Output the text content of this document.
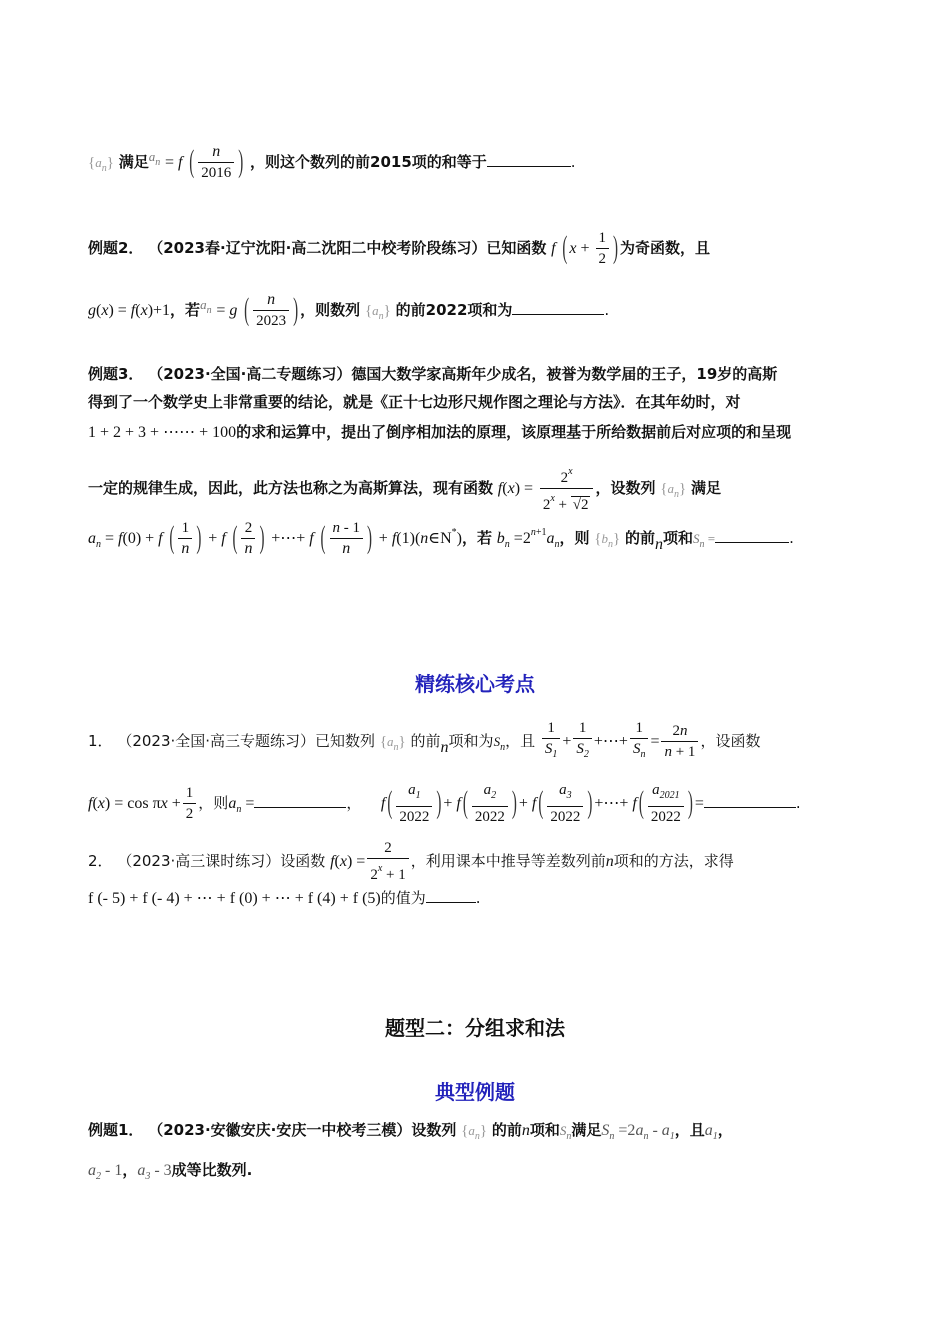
$\{a_n\}$ 满足$a_n = f$ ( $\frac{n}{2016}$ ) ，则这个数列的前2015项的和等于	.
例题2． （2023春·辽宁沈阳·高二沈阳二中校考阶段练习）已知函数 f ( $x + \frac{1}{2}$ ) 为奇函数，且
g(x) = f(x)+1，若$a_n = g$ ( $\frac{n}{2023}$ ) ，则数列 $\{a_n\}$ 的前2022项和为	.
例题3． （2023·全国·高二专题练习）德国大数学家高斯年少成名，被誉为数学届的王子，19岁的高斯
得到了一个数学史上非常重要的结论，就是《正十七边形尺规作图之理论与方法》．在其年幼时，对
1 + 2 + 3 + ⋯⋯ + 100的求和运算中，提出了倒序相加法的原理，该原理基于所给数据前后对应项的和呈现
一定的规律生成，因此，此方法也称之为高斯算法，现有函数 $f(x) = \frac{2^x}{2^x + √2}$ ，设数列 $\{a_n\}$ 满足
$a_n = f(0) + f$ ( $\frac{1}{n}$ ) + f ( $\frac{2}{n}$ ) +⋯+ f ( $\frac{n - 1}{n}$ ) + f(1)(n∈N*)，若 $b_n =2^{n+1}a_n$，则 $\{b_n\}$ 的前n项和$S_n$ =	.
精练核心考点
1． （2023·全国·高三专题练习）已知数列 $\{a_n\}$ 的前n项和为$S_n$，且 $\frac{1}{S_1} + \frac{1}{S_2}$ +⋯+ $\frac{1}{S_n} = \frac{2n}{n + 1}$ ，设函数
$f(x) = \cos \pi x + \frac{1}{2}$ ，则$a_n$ =	， f ( $\frac{a_1}{2022}$ ) + f ( $\frac{a_2}{2022}$ ) + f ( $\frac{a_3}{2022}$ ) +⋯+ f ( $\frac{a_{2021}}{2022}$ ) =	.
2． （2023·高三课时练习）设函数 $f(x) = \frac{2}{2^x + 1}$ ，利用课本中推导等差数列前n项和的方法，求得
f (- 5) + f (- 4) + ⋯ + f (0) + ⋯ + f (4) + f (5)的值为	.
题型二：分组求和法
典型例题
例题1． （2023·安徽安庆·安庆一中校考三模）设数列 $\{a_n\}$ 的前n项和$S_n$满足$S_n =2a_n - a_1$，且$a_1$，
$a_2 - 1$，$a_3 - 3$成等比数列.
